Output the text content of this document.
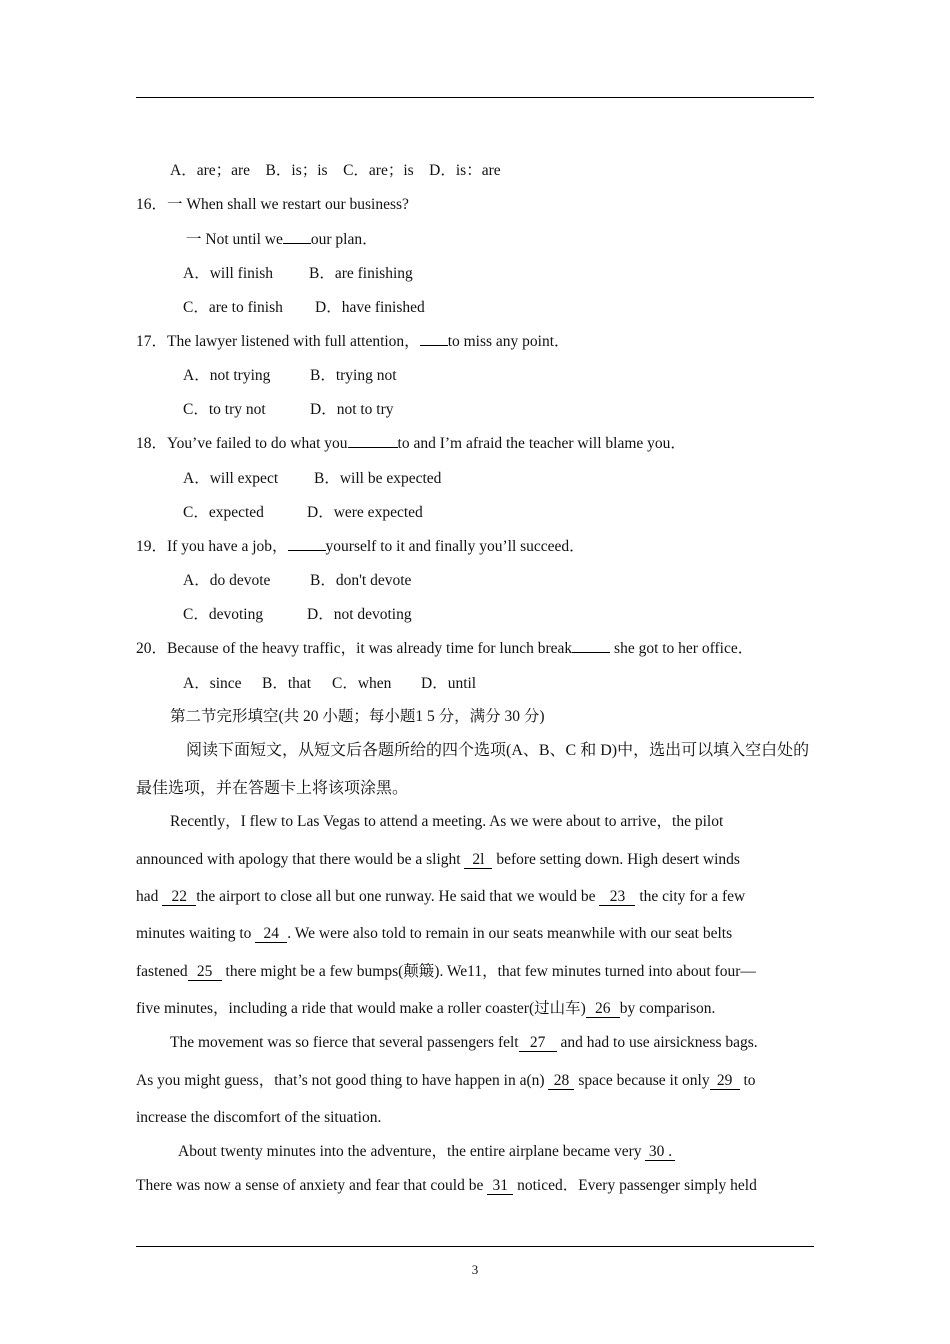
A．are；are B．is；is C．are；is D．is：are
16．一 When shall we restart our business?
一 Not until we our plan．
A．will finish B．are finishing
C．are to finish D．have finished
17．The lawyer listened with full attention， to miss any point．
A．not trying	B．trying not
C．to try not	D．not to try
18．You’ve failed to do what you	to and I’m afraid the teacher will blame you．
A．will expect B．will be expected
C．expected	D．were expected
19．If you have a job， yourself to it and finally you’ll succeed．
A．do devote	B．don't devote
C．devoting	D．not devoting
20．Because of the heavy traffic，it was already time for lunch break she got to her office．
A．since B．that C．when D．until
第二节完形填空(共 20 小题；每小题1 5 分，满分 30 分)
阅读下面短文，从短文后各题所给的四个选项(A、B、C 和 D)中，选出可以填入空白处的
最佳选项，并在答题卡上将该项涂黑。
Recently，I flew to Las Vegas to attend a meeting. As we were about to arrive，the pilot
announced with apology that there would be a slight 2l before setting down. High desert winds
had 22 the airport to close all but one runway. He said that we would be 23 the city for a few
minutes waiting to 24 . We were also told to remain in our seats meanwhile with our seat belts
fastened 25 there might be a few bumps(颠簸). We11，that few minutes turned into about four—
five minutes，including a ride that would make a roller coaster(过山车) 26 by comparison.
The movement was so fierce that several passengers felt 27 and had to use airsickness bags.
As you might guess，that’s not good thing to have happen in a(n) 28 space because it only 29 to
increase the discomfort of the situation.
About twenty minutes into the adventure，the entire airplane became very 30 .
There was now a sense of anxiety and fear that could be 31 noticed．Every passenger simply held
3
